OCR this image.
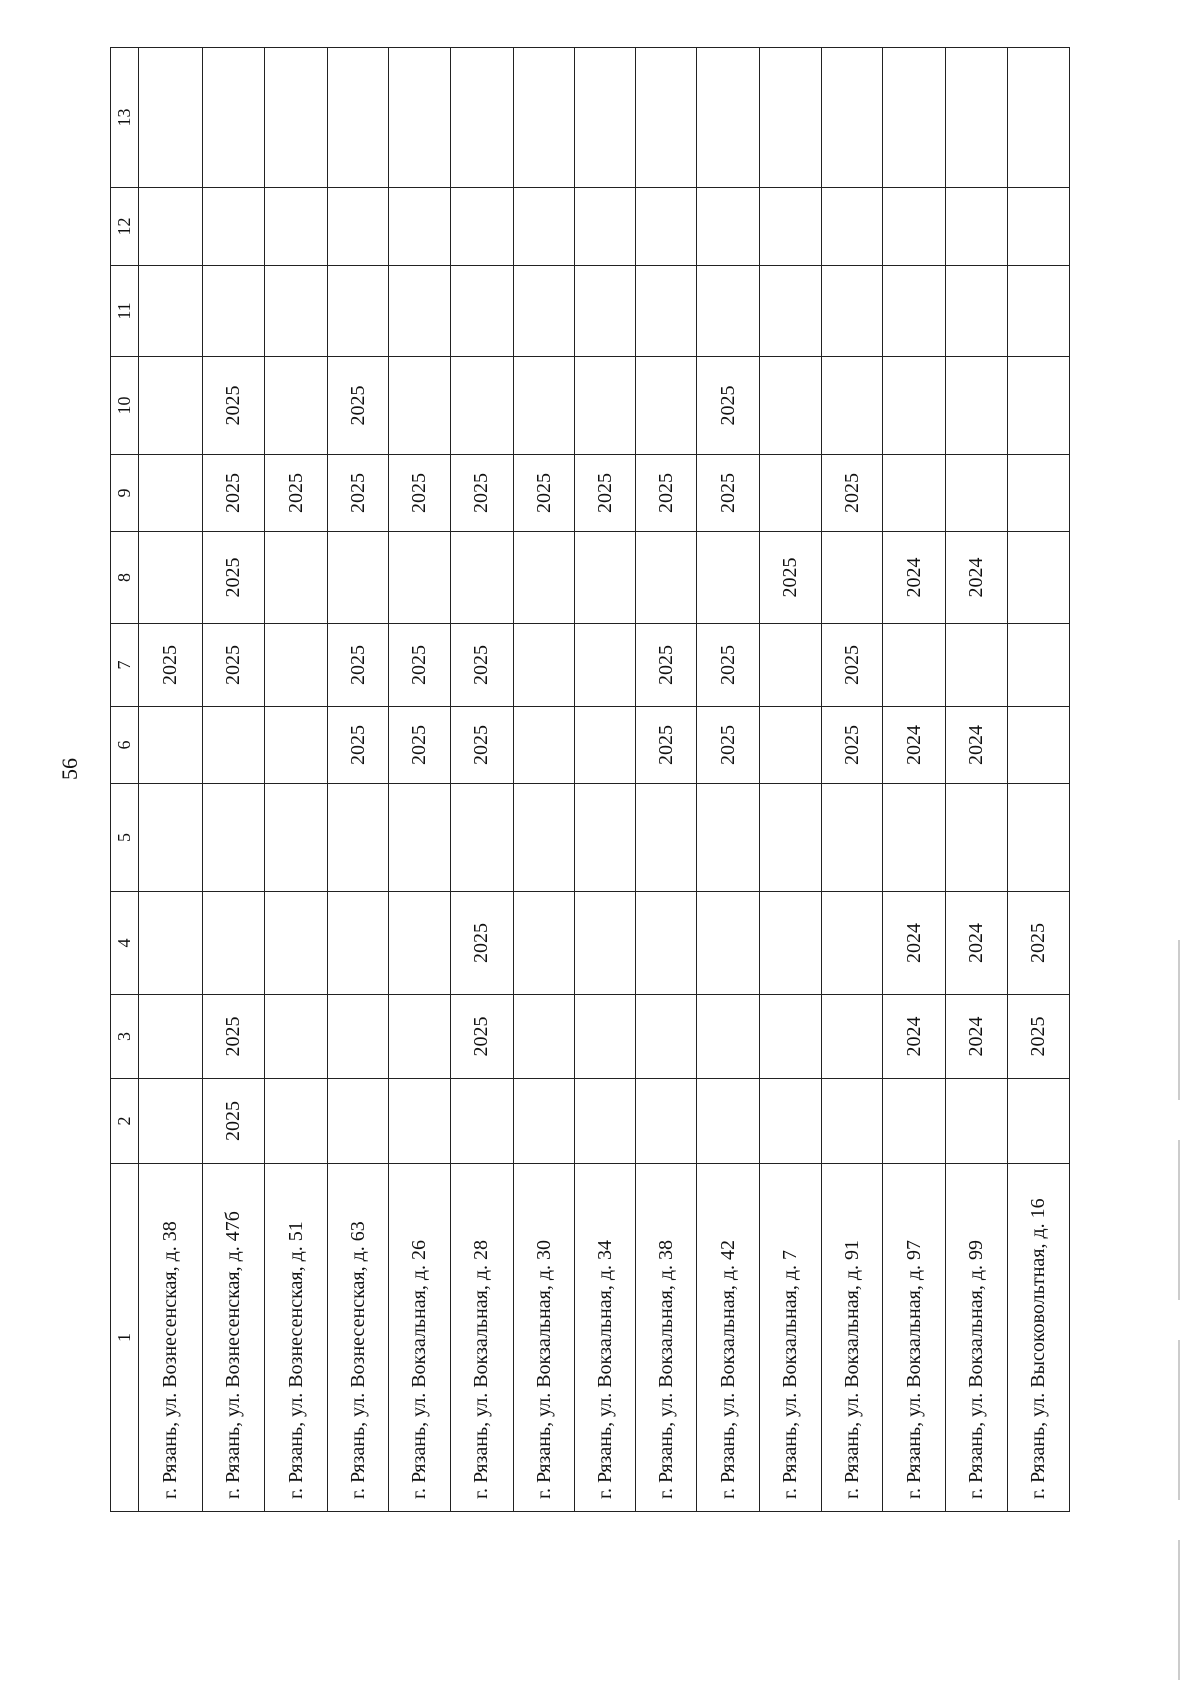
56
1	2	3	4	5	6	7	8	9	10	11	12	13
г. Рязань, ул. Вознесенская, д. 38						2025						
г. Рязань, ул. Вознесенская, д. 47б	2025	2025				2025	2025	2025	2025			
г. Рязань, ул. Вознесенская, д. 51								2025				
г. Рязань, ул. Вознесенская, д. 63					2025	2025		2025	2025			
г. Рязань, ул. Вокзальная, д. 26					2025	2025		2025				
г. Рязань, ул. Вокзальная, д. 28		2025	2025		2025	2025		2025				
г. Рязань, ул. Вокзальная, д. 30								2025				
г. Рязань, ул. Вокзальная, д. 34								2025				
г. Рязань, ул. Вокзальная, д. 38					2025	2025		2025				
г. Рязань, ул. Вокзальная, д. 42					2025	2025		2025	2025			
г. Рязань, ул. Вокзальная, д. 7							2025					
г. Рязань, ул. Вокзальная, д. 91					2025	2025		2025				
г. Рязань, ул. Вокзальная, д. 97		2024	2024		2024		2024					
г. Рязань, ул. Вокзальная, д. 99		2024	2024		2024		2024					
г. Рязань, ул. Высоковольтная, д. 16		2025	2025									
